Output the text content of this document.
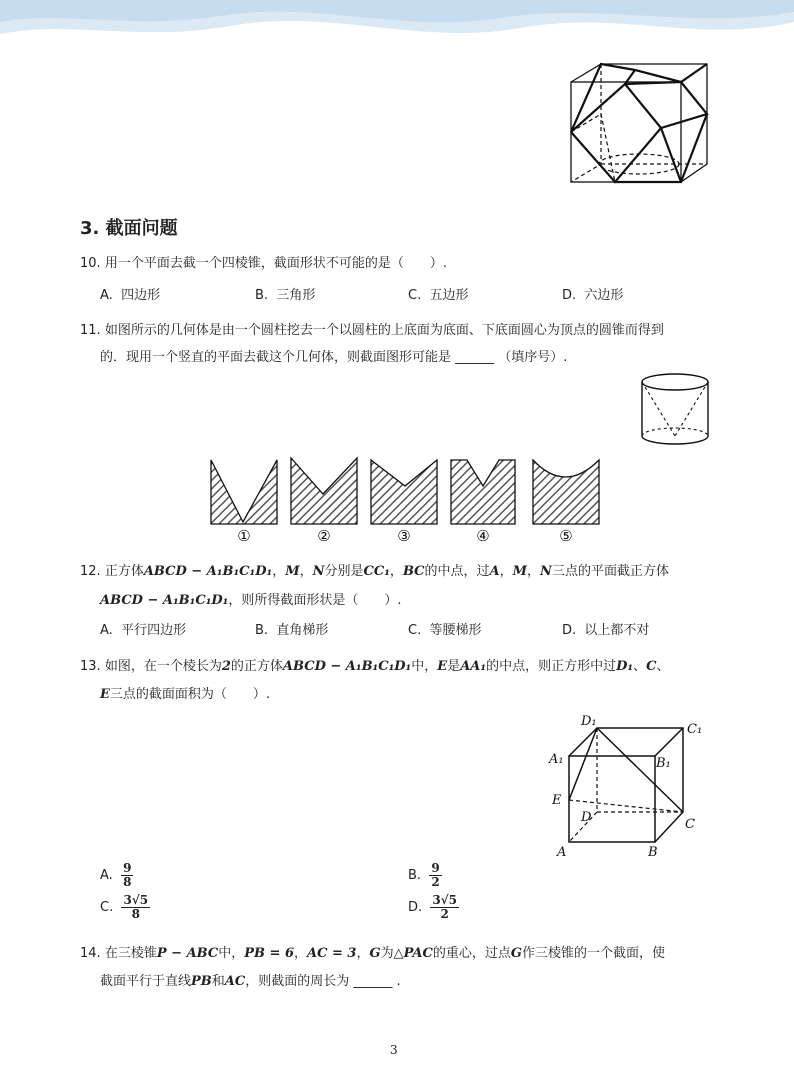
3. 截面问题
10. 用一个平面去截一个四棱锥，截面形状不可能的是（　　）.
A. 四边形	B. 三角形	C. 五边形	D. 六边形
11. 如图所示的几何体是由一个圆柱挖去一个以圆柱的上底面为底面、下底面圆心为顶点的圆锥而得到
的．现用一个竖直的平面去截这个几何体，则截面图形可能是 ______ （填序号）.
①	②	③	④	⑤
12. 正方体ABCD − A₁B₁C₁D₁，M，N分别是CC₁，BC的中点，过A，M，N三点的平面截正方体
ABCD − A₁B₁C₁D₁，则所得截面形状是（　　）.
A. 平行四边形	B. 直角梯形	C. 等腰梯形	D. 以上都不对
13. 如图，在一个棱长为2的正方体ABCD − A₁B₁C₁D₁中，E是AA₁的中点，则正方形中过D₁、C、
E三点的截面面积为（　　）.
D₁
C₁
A₁	B₁
E
D	C
A	B
A. $\frac{9}{8}$	B. $\frac{9}{2}$
C. $\frac{3√5}{8}$	D. $\frac{3√5}{2}$
14. 在三棱锥P − ABC中，PB = 6，AC = 3，G为△PAC的重心，过点G作三棱锥的一个截面，使
截面平行于直线PB和AC，则截面的周长为 ______ .
3
